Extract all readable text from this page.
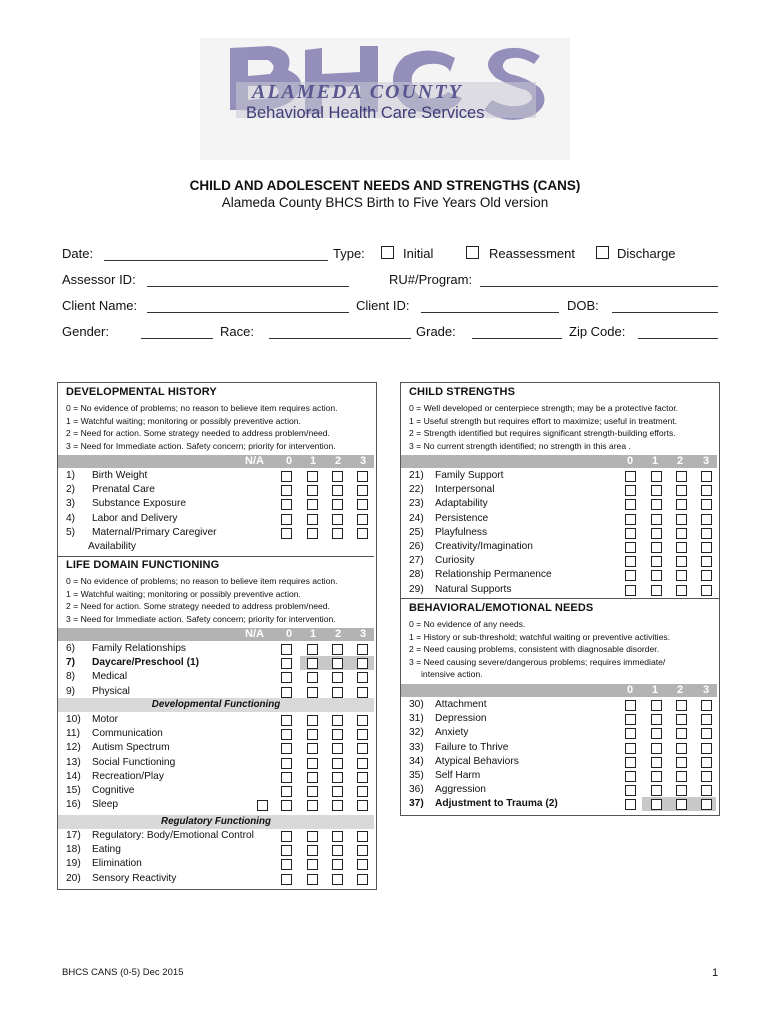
ALAMEDA COUNTY
Behavioral Health Care Services
CHILD AND ADOLESCENT NEEDS AND STRENGTHS (CANS)
Alameda County BHCS Birth to Five Years Old version
Date:	Type:	Initial	Reassessment	Discharge
Assessor ID:	RU#/Program:
Client Name:	Client ID:	DOB:
Gender:	Race:	Grade:	Zip Code:
DEVELOPMENTAL HISTORY
0 = No evidence of problems; no reason to believe item requires action.
1 = Watchful waiting; monitoring or possibly preventive action.
2 = Need for action. Some strategy needed to address problem/need.
3 = Need for Immediate action. Safety concern; priority for intervention.
N/A 0 1 2 3
1) Birth Weight
2) Prenatal Care
3) Substance Exposure
4) Labor and Delivery
5) Maternal/Primary Caregiver
Availability
LIFE DOMAIN FUNCTIONING
0 = No evidence of problems; no reason to believe item requires action.
1 = Watchful waiting; monitoring or possibly preventive action.
2 = Need for action. Some strategy needed to address problem/need.
3 = Need for Immediate action. Safety concern; priority for intervention.
N/A 0 1 2 3
6) Family Relationships
7) Daycare/Preschool (1)
8) Medical
9) Physical
Developmental Functioning
10) Motor
11) Communication
12) Autism Spectrum
13) Social Functioning
14) Recreation/Play
15) Cognitive
16) Sleep
Regulatory Functioning
17) Regulatory: Body/Emotional Control
18) Eating
19) Elimination
20) Sensory Reactivity
CHILD STRENGTHS
0 = Well developed or centerpiece strength; may be a protective factor.
1 = Useful strength but requires effort to maximize; useful in treatment.
2 = Strength identified but requires significant strength-building efforts.
3 = No current strength identified; no strength in this area .
0 1 2 3
21) Family Support
22) Interpersonal
23) Adaptability
24) Persistence
25) Playfulness
26) Creativity/Imagination
27) Curiosity
28) Relationship Permanence
29) Natural Supports
BEHAVIORAL/EMOTIONAL NEEDS
0 = No evidence of any needs.
1 = History or sub-threshold; watchful waiting or preventive activities.
2 = Need causing problems, consistent with diagnosable disorder.
3 = Need causing severe/dangerous problems; requires immediate/
intensive action.
0 1 2 3
30) Attachment
31) Depression
32) Anxiety
33) Failure to Thrive
34) Atypical Behaviors
35) Self Harm
36) Aggression
37) Adjustment to Trauma (2)
BHCS CANS (0-5) Dec 2015	1
